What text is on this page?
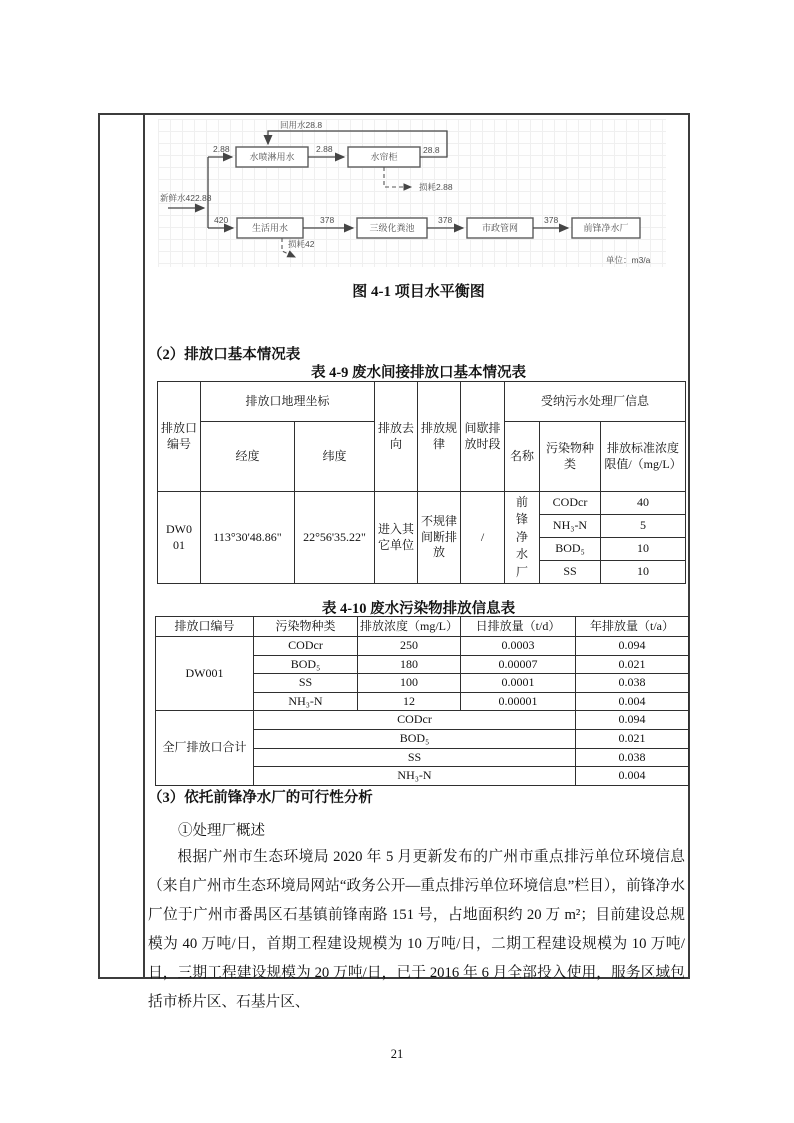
新鲜水422.88
2.88
水喷淋用水
2.88
水帘柜
28.8
回用水28.8
损耗2.88
420
生活用水
损耗42
378
三级化粪池
378
市政管网
378
前锋净水厂
单位：m3/a
图 4-1 项目水平衡图
（2）排放口基本情况表
表 4-9 废水间接排放口基本情况表
排放口编号	排放口地理坐标		排放去向	排放规律	间歇排放时段	受纳污水处理厂信息		
	经度	纬度				名称	污染物种类	排放标准浓度限值/（mg/L）
DW001	113°30'48.86"	22°56'35.22"	进入其它单位	不规律间断排放	/	前锋净水厂	CODcr	40
							NH₃-N	5
							BOD₅	10
							SS	10
表 4-10 废水污染物排放信息表
排放口编号	污染物种类	排放浓度（mg/L）	日排放量（t/d）	年排放量（t/a）
DW001	CODcr	250	0.0003	0.094
	BOD₅	180	0.00007	0.021
	SS	100	0.0001	0.038
	NH₃-N	12	0.00001	0.004
全厂排放口合计	CODcr			0.094
	BOD₅			0.021
	SS			0.038
	NH₃-N			0.004
（3）依托前锋净水厂的可行性分析
①处理厂概述
根据广州市生态环境局 2020 年 5 月更新发布的广州市重点排污单位环境信息（来自广州市生态环境局网站“政务公开—重点排污单位环境信息”栏目），前锋净水厂位于广州市番禺区石基镇前锋南路 151 号，占地面积约 20 万 m²；目前建设总规模为 40 万吨/日，首期工程建设规模为 10 万吨/日，二期工程建设规模为 10 万吨/日，三期工程建设规模为 20 万吨/日，已于 2016 年 6 月全部投入使用，服务区域包括市桥片区、石基片区、
21
